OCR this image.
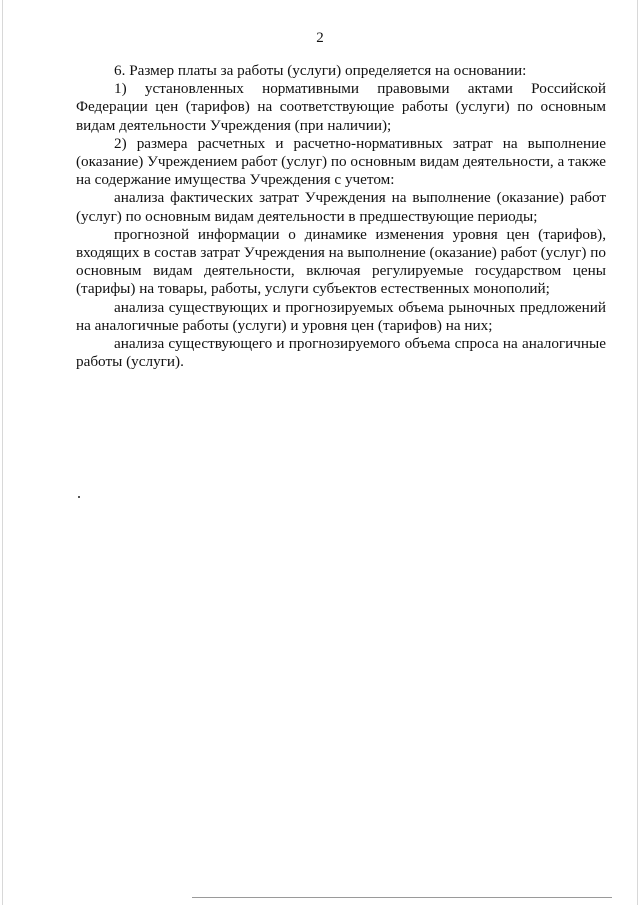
2

6. Размер платы за работы (услуги) определяется на основании:

1) установленных нормативными правовыми актами Российской Федерации цен (тарифов) на соответствующие работы (услуги) по основным видам деятельности Учреждения (при наличии);

2) размера расчетных и расчетно-нормативных затрат на выполнение (оказание) Учреждением работ (услуг) по основным видам деятельности, а также на содержание имущества Учреждения с учетом:

анализа фактических затрат Учреждения на выполнение (оказание) работ (услуг) по основным видам деятельности в предшествующие периоды;

прогнозной информации о динамике изменения уровня цен (тарифов), входящих в состав затрат Учреждения на выполнение (оказание) работ (услуг) по основным видам деятельности, включая регулируемые государством цены (тарифы) на товары, работы, услуги субъектов естественных монополий;

анализа существующих и прогнозируемых объема рыночных предложений на аналогичные работы (услуги) и уровня цен (тарифов) на них;

анализа существующего и прогнозируемого объема спроса на аналогичные работы (услуги).
